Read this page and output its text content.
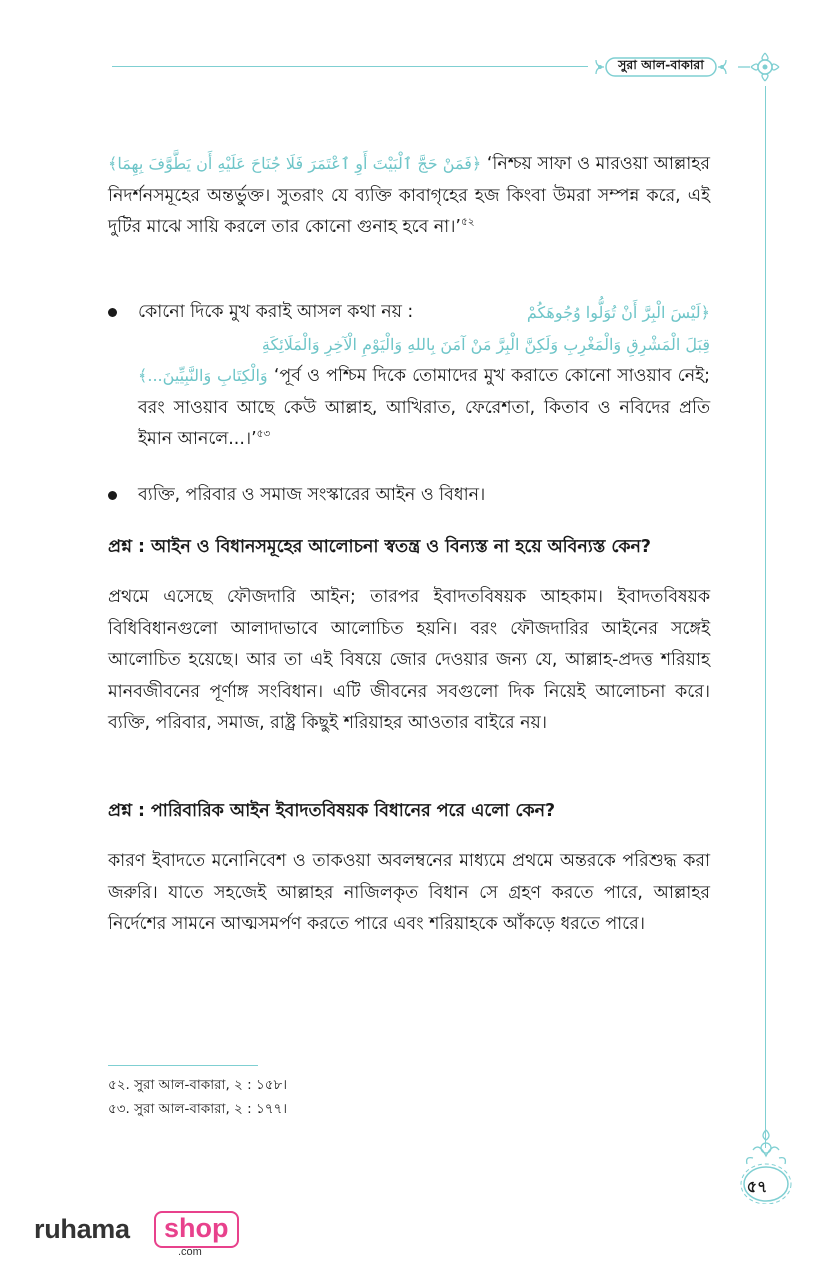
সুরা আল-বাকারা
﴿فَمَنْ حَجَّ ٱلْبَيْتَ أَوِ ٱعْتَمَرَ فَلَا جُنَاحَ عَلَيْهِ أَن يَطَّوَّفَ بِهِمَا﴾ ‘নিশ্চয় সাফা ও মারওয়া আল্লাহর নিদর্শনসমূহের অন্তর্ভুক্ত। সুতরাং যে ব্যক্তি কাবাগৃহের হজ কিংবা উমরা সম্পন্ন করে, এই দুটির মাঝে সায়ি করলে তার কোনো গুনাহ হবে না।’$^{৫২}$
কোনো দিকে মুখ করাই আসল কথা নয় :	﴿لَيْسَ الْبِرَّ أَنْ تُوَلُّوا وُجُوهَكُمْ
قِبَلَ الْمَشْرِقِ وَالْمَغْرِبِ وَلَكِنَّ الْبِرَّ مَنْ آمَنَ بِاللهِ وَالْيَوْمِ الْآخِرِ وَالْمَلَائِكَةِ
وَالْكِتَابِ وَالنَّبِيِّينَ...﴾ ‘পূর্ব ও পশ্চিম দিকে তোমাদের মুখ করাতে কোনো সাওয়াব নেই; বরং সাওয়াব আছে কেউ আল্লাহ, আখিরাত, ফেরেশতা, কিতাব ও নবিদের প্রতি ইমান আনলে...।’$^{৫৩}$
ব্যক্তি, পরিবার ও সমাজ সংস্কারের আইন ও বিধান।
প্রশ্ন : আইন ও বিধানসমূহের আলোচনা স্বতন্ত্র ও বিন্যস্ত না হয়ে অবিন্যস্ত কেন?
প্রথমে এসেছে ফৌজদারি আইন; তারপর ইবাদতবিষয়ক আহকাম। ইবাদতবিষয়ক বিধিবিধানগুলো আলাদাভাবে আলোচিত হয়নি। বরং ফৌজদারির আইনের সঙ্গেই আলোচিত হয়েছে। আর তা এই বিষয়ে জোর দেওয়ার জন্য যে, আল্লাহ-প্রদত্ত শরিয়াহ মানবজীবনের পূর্ণাঙ্গ সংবিধান। এটি জীবনের সবগুলো দিক নিয়েই আলোচনা করে। ব্যক্তি, পরিবার, সমাজ, রাষ্ট্র কিছুই শরিয়াহর আওতার বাইরে নয়।
প্রশ্ন : পারিবারিক আইন ইবাদতবিষয়ক বিধানের পরে এলো কেন?
কারণ ইবাদতে মনোনিবেশ ও তাকওয়া অবলম্বনের মাধ্যমে প্রথমে অন্তরকে পরিশুদ্ধ করা জরুরি। যাতে সহজেই আল্লাহর নাজিলকৃত বিধান সে গ্রহণ করতে পারে, আল্লাহর নির্দেশের সামনে আত্মসমর্পণ করতে পারে এবং শরিয়াহকে আঁকড়ে ধরতে পারে।
৫২. সুরা আল-বাকারা, ২ : ১৫৮।
৫৩. সুরা আল-বাকারা, ২ : ১৭৭।
৫৭
ruhama	shop
.com
